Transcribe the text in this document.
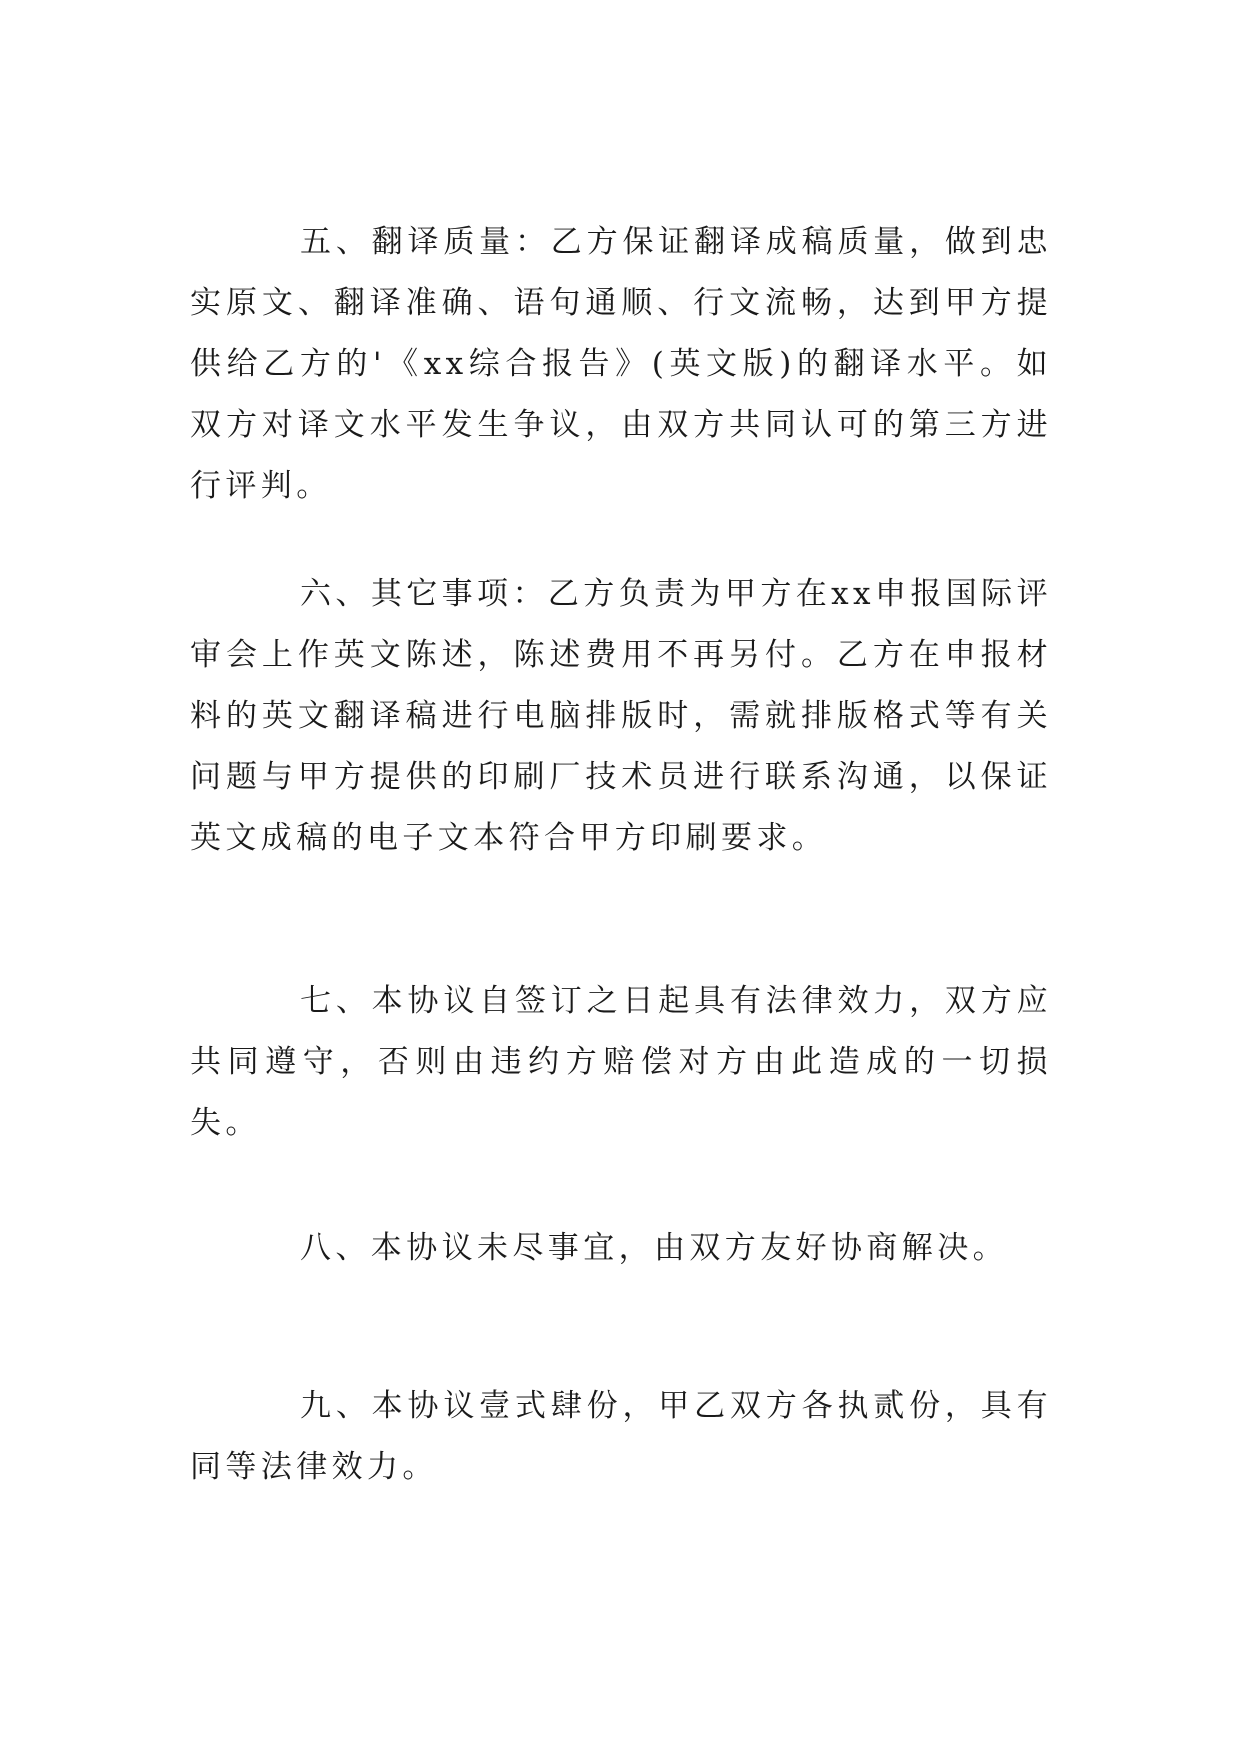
五、翻译质量：乙方保证翻译成稿质量，做到忠实原文、翻译准确、语句通顺、行文流畅，达到甲方提供给乙方的'《xx综合报告》(英文版)的翻译水平。如双方对译文水平发生争议，由双方共同认可的第三方进行评判。

六、其它事项：乙方负责为甲方在xx申报国际评审会上作英文陈述，陈述费用不再另付。乙方在申报材料的英文翻译稿进行电脑排版时，需就排版格式等有关问题与甲方提供的印刷厂技术员进行联系沟通，以保证英文成稿的电子文本符合甲方印刷要求。

七、本协议自签订之日起具有法律效力，双方应共同遵守，否则由违约方赔偿对方由此造成的一切损失。

八、本协议未尽事宜，由双方友好协商解决。

九、本协议壹式肆份，甲乙双方各执贰份，具有同等法律效力。
